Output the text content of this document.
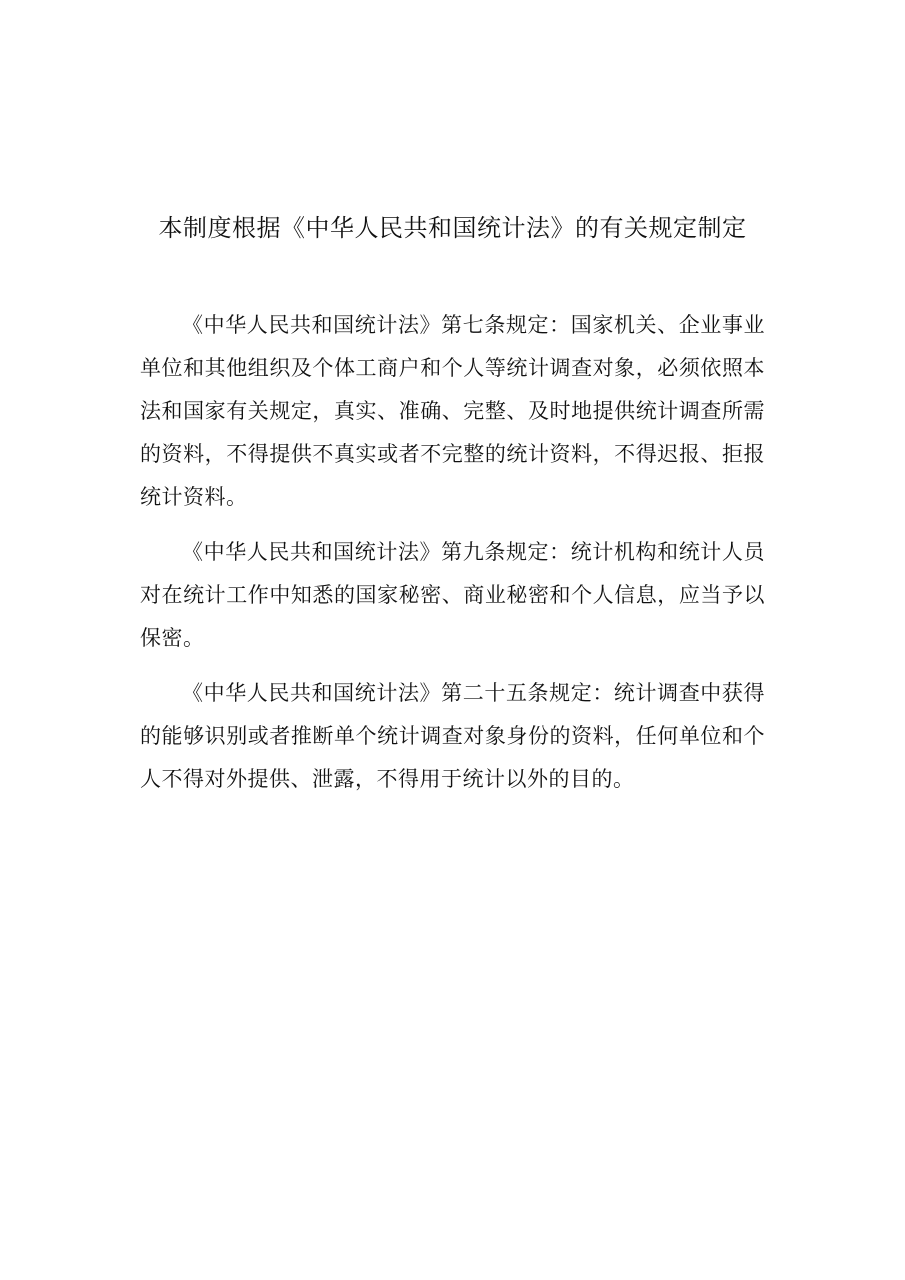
本制度根据《中华人民共和国统计法》的有关规定制定

《中华人民共和国统计法》第七条规定：国家机关、企业事业单位和其他组织及个体工商户和个人等统计调查对象，必须依照本法和国家有关规定，真实、准确、完整、及时地提供统计调查所需的资料，不得提供不真实或者不完整的统计资料，不得迟报、拒报统计资料。

《中华人民共和国统计法》第九条规定：统计机构和统计人员对在统计工作中知悉的国家秘密、商业秘密和个人信息，应当予以保密。

《中华人民共和国统计法》第二十五条规定：统计调查中获得的能够识别或者推断单个统计调查对象身份的资料，任何单位和个人不得对外提供、泄露，不得用于统计以外的目的。
